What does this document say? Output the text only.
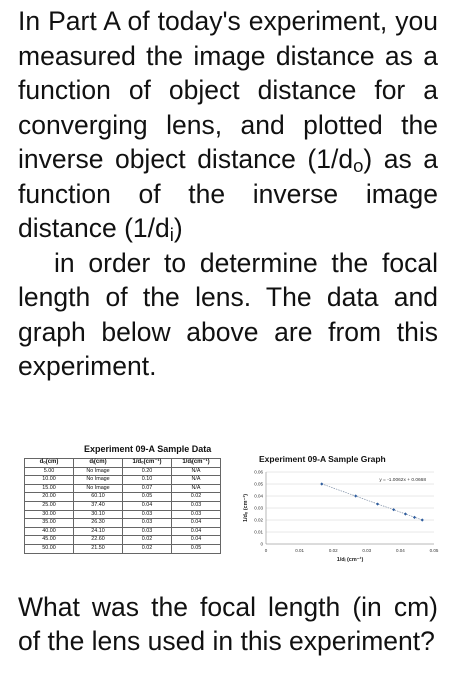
In Part A of today's experiment, you measured the image distance as a function of object distance for a converging lens, and plotted the inverse object distance $(1/d_o)$ as a function of the inverse image distance $(1/d_i)$
in order to determine the focal length of the lens. The data and graph below above are from this experiment.

Experiment 09-A Sample Data
dₒ(cm)	dᵢ(cm)	1/dₒ(cm⁻¹)	1/dᵢ(cm⁻¹)
5.00	No Image	0.20	N/A
10.00	No Image	0.10	N/A
15.00	No Image	0.07	N/A
20.00	60.10	0.05	0.02
25.00	37.40	0.04	0.03
30.00	30.10	0.03	0.03
35.00	26.30	0.03	0.04
40.00	24.10	0.03	0.04
45.00	22.60	0.02	0.04
50.00	21.50	0.02	0.05
Experiment 09-A Sample Graph
0
0.01
0.02
0.03
0.04
0.05
0.06
0	0.01	0.02	0.03	0.04	0.05
y = -1.0062x + 0.0668
1/dᵢ (cm⁻¹)
1/dₒ (cm⁻¹)

What was the focal length (in cm) of the lens used in this experiment?
